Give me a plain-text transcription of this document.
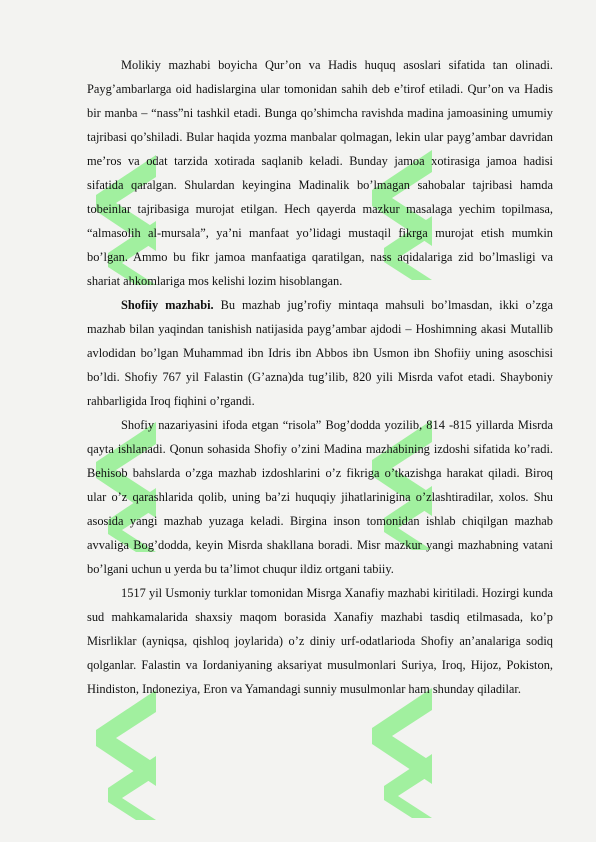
Molikiy mazhabi boyicha Qur’on va Hadis huquq asoslari sifatida tan olinadi. Payg’ambarlarga oid hadislargina ular tomonidan sahih deb e’tirof etiladi. Qur’on va Hadis bir manba – “nass”ni tashkil etadi. Bunga qo’shimcha ravishda madina jamoasining umumiy tajribasi qo’shiladi. Bular haqida yozma manbalar qolmagan, lekin ular payg’ambar davridan me’ros va odat tarzida xotirada saqlanib keladi. Bunday jamoa xotirasiga jamoa hadisi sifatida qaralgan. Shulardan keyingina Madinalik bo’lmagan sahobalar tajribasi hamda tobeinlar tajribasiga murojat etilgan. Hech qayerda mazkur masalaga yechim topilmasa, “almasolih al-mursala”, ya’ni manfaat yo’lidagi mustaqil fikrga murojat etish mumkin bo’lgan. Ammo bu fikr jamoa manfaatiga qaratilgan, nass aqidalariga zid bo’lmasligi va shariat ahkomlariga mos kelishi lozim hisoblangan.

Shofiiy mazhabi. Bu mazhab jug’rofiy mintaqa mahsuli bo’lmasdan, ikki o’zga mazhab bilan yaqindan tanishish natijasida payg’ambar ajdodi – Hoshimning akasi Mutallib avlodidan bo’lgan Muhammad ibn Idris ibn Abbos ibn Usmon ibn Shofiiy uning asoschisi bo’ldi. Shofiy 767 yil Falastin (G’azna)da tug’ilib, 820 yili Misrda vafot etadi. Shayboniy rahbarligida Iroq fiqhini o’rgandi.

Shofiy nazariyasini ifoda etgan “risola” Bog’dodda yozilib, 814 -815 yillarda Misrda qayta ishlanadi. Qonun sohasida Shofiy o’zini Madina mazhabining izdoshi sifatida ko’radi. Behisob bahslarda o’zga mazhab izdoshlarini o’z fikriga o’tkazishga harakat qiladi. Biroq ular o’z qarashlarida qolib, uning ba’zi huquqiy jihatlarinigina o’zlashtiradilar, xolos. Shu asosida yangi mazhab yuzaga keladi. Birgina inson tomonidan ishlab chiqilgan mazhab avvaliga Bog’dodda, keyin Misrda shakllana boradi. Misr mazkur yangi mazhabning vatani bo’lgani uchun u yerda bu ta’limot chuqur ildiz ortgani tabiiy.

1517 yil Usmoniy turklar tomonidan Misrga Xanafiy mazhabi kiritiladi. Hozirgi kunda sud mahkamalarida shaxsiy maqom borasida Xanafiy mazhabi tasdiq etilmasada, ko’p Misrliklar (ayniqsa, qishloq joylarida) o’z diniy urf-odatlarioda Shofiy an’analariga sodiq qolganlar. Falastin va Iordaniyaning aksariyat musulmonlari Suriya, Iroq, Hijoz, Pokiston, Hindiston, Indoneziya, Eron va Yamandagi sunniy musulmonlar ham shunday qiladilar.
